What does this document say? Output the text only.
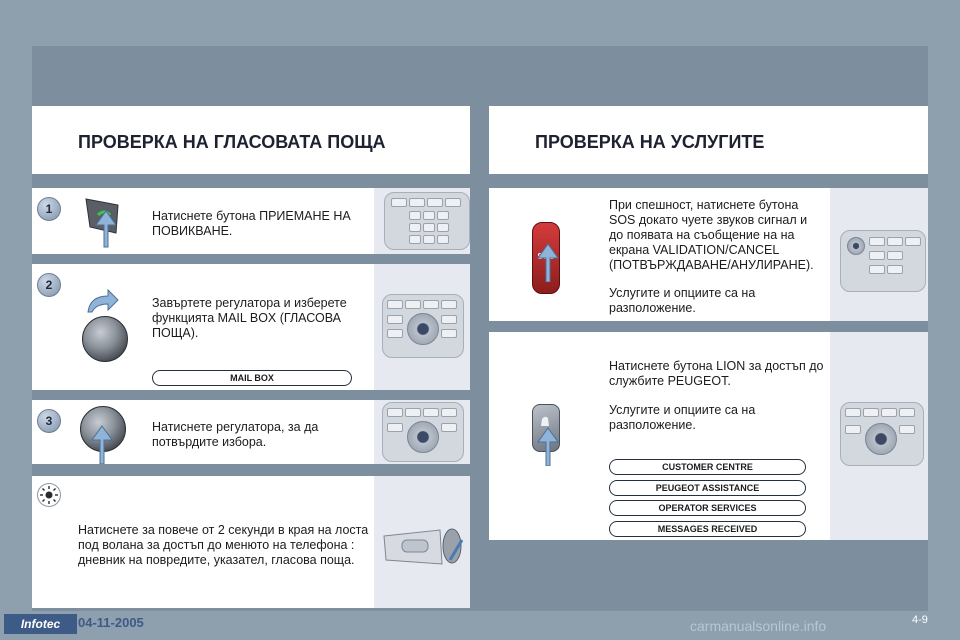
ПРОВЕРКА НА ГЛАСОВАТА ПОЩА	ПРОВЕРКА НА УСЛУГИТЕ
1	Натиснете бутона ПРИЕМАНЕ НА ПОВИКВАНЕ.
2
Завъртете регулатора и изберете функцията MAIL BOX (ГЛАСОВА ПОЩА).
MAIL BOX
3	Натиснете регулатора, за да потвърдите избора.
Натиснете за повече от 2 секунди в края на лоста под волана за достъп до менюто на телефона : дневник на повредите, указател, гласова поща.
При спешност, натиснете бутона SOS докато чуете звуков сигнал и до появата на съобщение на на екрана VALIDATION/CANCEL (ПОТВЪРЖДАВАНЕ/АНУЛИРАНЕ).
Услугите и опциите са на разположение.
Натиснете бутона LION за достъп до службите PEUGEOT.
Услугите и опциите са на разположение.
CUSTOMER CENTRE
PEUGEOT ASSISTANCE
OPERATOR SERVICES
MESSAGES RECEIVED
Infotec	04-11-2005	carmanualsonline.info	4-9
